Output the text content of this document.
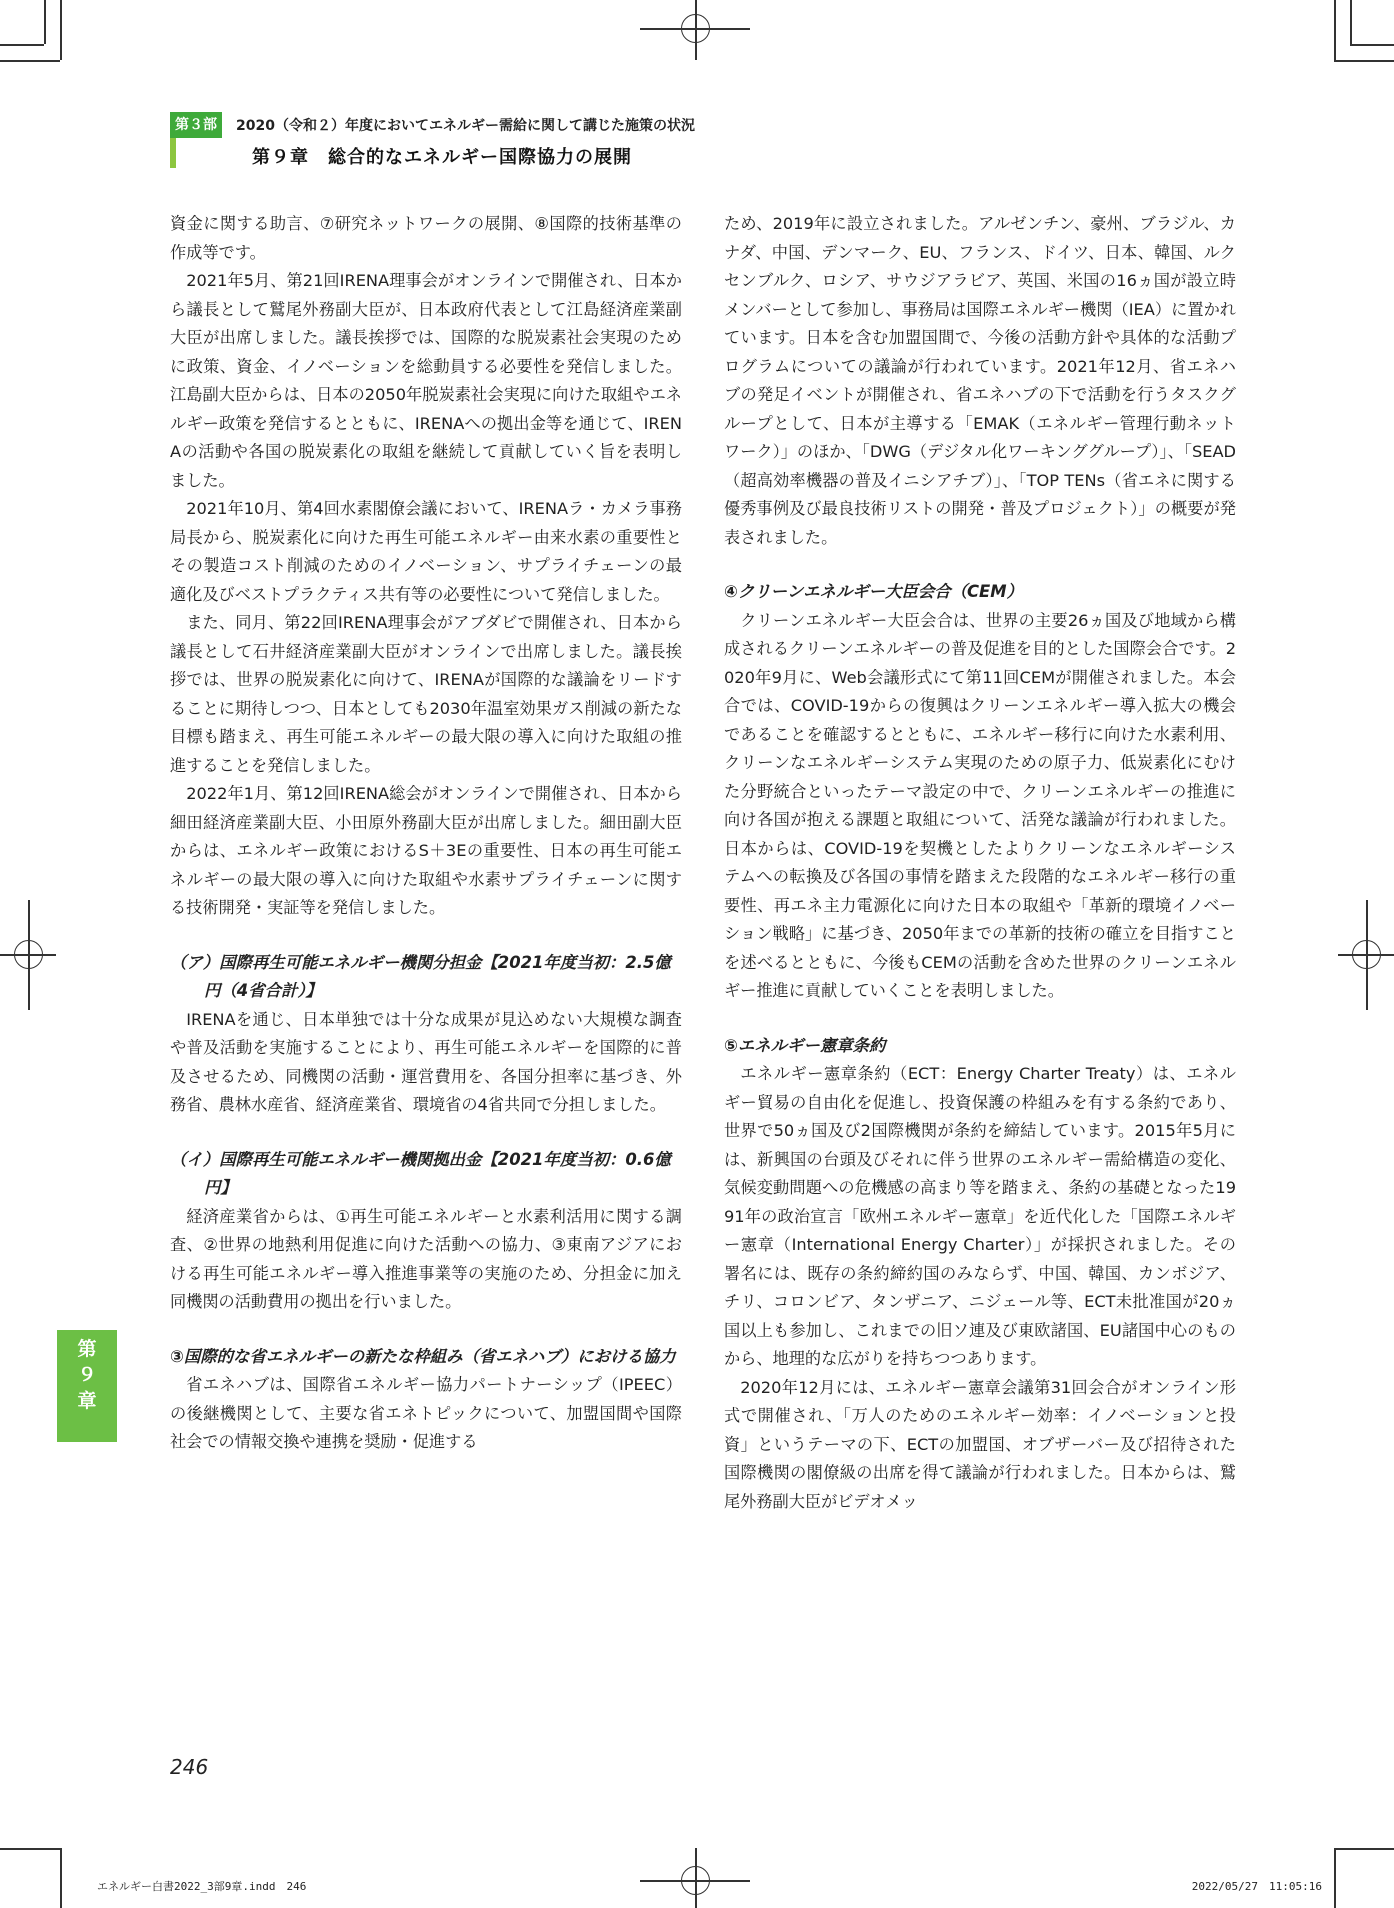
第３部	2020（令和２）年度においてエネルギー需給に関して講じた施策の状況
第９章　総合的なエネルギー国際協力の展開
第
９
章

資金に関する助言、⑦研究ネットワークの展開、⑧国際的技術基準の作成等です。

2021年5月、第21回IRENA理事会がオンラインで開催され、日本から議長として鷲尾外務副大臣が、日本政府代表として江島経済産業副大臣が出席しました。議長挨拶では、国際的な脱炭素社会実現のために政策、資金、イノベーションを総動員する必要性を発信しました。江島副大臣からは、日本の2050年脱炭素社会実現に向けた取組やエネルギー政策を発信するとともに、IRENAへの拠出金等を通じて、IRENAの活動や各国の脱炭素化の取組を継続して貢献していく旨を表明しました。

2021年10月、第4回水素閣僚会議において、IRENAラ・カメラ事務局長から、脱炭素化に向けた再生可能エネルギー由来水素の重要性とその製造コスト削減のためのイノベーション、サプライチェーンの最適化及びベストプラクティス共有等の必要性について発信しました。

また、同月、第22回IRENA理事会がアブダビで開催され、日本から議長として石井経済産業副大臣がオンラインで出席しました。議長挨拶では、世界の脱炭素化に向けて、IRENAが国際的な議論をリードすることに期待しつつ、日本としても2030年温室効果ガス削減の新たな目標も踏まえ、再生可能エネルギーの最大限の導入に向けた取組の推進することを発信しました。

2022年1月、第12回IRENA総会がオンラインで開催され、日本から細田経済産業副大臣、小田原外務副大臣が出席しました。細田副大臣からは、エネルギー政策におけるS＋3Eの重要性、日本の再生可能エネルギーの最大限の導入に向けた取組や水素サプライチェーンに関する技術開発・実証等を発信しました。

（ア）国際再生可能エネルギー機関分担金【2021年度当初：2.5億円（4省合計）】

IRENAを通じ、日本単独では十分な成果が見込めない大規模な調査や普及活動を実施することにより、再生可能エネルギーを国際的に普及させるため、同機関の活動・運営費用を、各国分担率に基づき、外務省、農林水産省、経済産業省、環境省の4省共同で分担しました。

（イ）国際再生可能エネルギー機関拠出金【2021年度当初：0.6億円】

経済産業省からは、①再生可能エネルギーと水素利活用に関する調査、②世界の地熱利用促進に向けた活動への協力、③東南アジアにおける再生可能エネルギー導入推進事業等の実施のため、分担金に加え同機関の活動費用の拠出を行いました。

③国際的な省エネルギーの新たな枠組み（省エネハブ）における協力

省エネハブは、国際省エネルギー協力パートナーシップ（IPEEC）の後継機関として、主要な省エネトピックについて、加盟国間や国際社会での情報交換や連携を奨励・促進する

ため、2019年に設立されました。アルゼンチン、豪州、ブラジル、カナダ、中国、デンマーク、EU、フランス、ドイツ、日本、韓国、ルクセンブルク、ロシア、サウジアラビア、英国、米国の16ヵ国が設立時メンバーとして参加し、事務局は国際エネルギー機関（IEA）に置かれています。日本を含む加盟国間で、今後の活動方針や具体的な活動プログラムについての議論が行われています。2021年12月、省エネハブの発足イベントが開催され、省エネハブの下で活動を行うタスクグループとして、日本が主導する「EMAK（エネルギー管理行動ネットワーク）」のほか、「DWG（デジタル化ワーキンググループ）」、「SEAD（超高効率機器の普及イニシアチブ）」、「TOP TENs（省エネに関する優秀事例及び最良技術リストの開発・普及プロジェクト）」の概要が発表されました。

④クリーンエネルギー大臣会合（CEM）

クリーンエネルギー大臣会合は、世界の主要26ヵ国及び地域から構成されるクリーンエネルギーの普及促進を目的とした国際会合です。2020年9月に、Web会議形式にて第11回CEMが開催されました。本会合では、COVID-19からの復興はクリーンエネルギー導入拡大の機会であることを確認するとともに、エネルギー移行に向けた水素利用、クリーンなエネルギーシステム実現のための原子力、低炭素化にむけた分野統合といったテーマ設定の中で、クリーンエネルギーの推進に向け各国が抱える課題と取組について、活発な議論が行われました。日本からは、COVID-19を契機としたよりクリーンなエネルギーシステムへの転換及び各国の事情を踏まえた段階的なエネルギー移行の重要性、再エネ主力電源化に向けた日本の取組や「革新的環境イノベーション戦略」に基づき、2050年までの革新的技術の確立を目指すことを述べるとともに、今後もCEMの活動を含めた世界のクリーンエネルギー推進に貢献していくことを表明しました。

⑤エネルギー憲章条約

エネルギー憲章条約（ECT：Energy Charter Treaty）は、エネルギー貿易の自由化を促進し、投資保護の枠組みを有する条約であり、世界で50ヵ国及び2国際機関が条約を締結しています。2015年5月には、新興国の台頭及びそれに伴う世界のエネルギー需給構造の変化、気候変動問題への危機感の高まり等を踏まえ、条約の基礎となった1991年の政治宣言「欧州エネルギー憲章」を近代化した「国際エネルギー憲章（International Energy Charter）」が採択されました。その署名には、既存の条約締約国のみならず、中国、韓国、カンボジア、チリ、コロンビア、タンザニア、ニジェール等、ECT未批准国が20ヵ国以上も参加し、これまでの旧ソ連及び東欧諸国、EU諸国中心のものから、地理的な広がりを持ちつつあります。

2020年12月には、エネルギー憲章会議第31回会合がオンライン形式で開催され、「万人のためのエネルギー効率：イノベーションと投資」というテーマの下、ECTの加盟国、オブザーバー及び招待された国際機関の閣僚級の出席を得て議論が行われました。日本からは、鷲尾外務副大臣がビデオメッ

246
エネルギー白書2022_3部9章.indd　246	2022/05/27　11:05:16
